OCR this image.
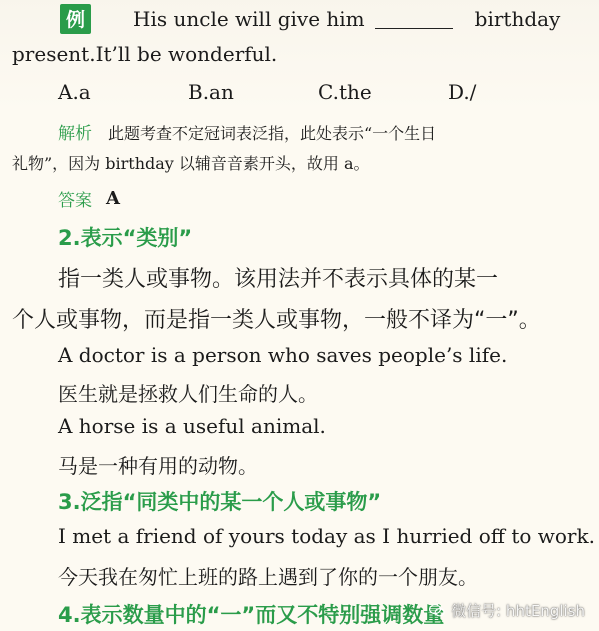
例	His uncle will give him	birthday
present.It’ll be wonderful.
A.a	B.an	C.the	D./
解析 此题考查不定冠词表泛指，此处表示“一个生日
礼物”，因为 birthday 以辅音音素开头，故用 a。
答案 A
2.表示“类别”
指一类人或事物。该用法并不表示具体的某一
个人或事物，而是指一类人或事物，一般不译为“一”。
A doctor is a person who saves people’s life.
医生就是拯救人们生命的人。
A horse is a useful animal.
马是一种有用的动物。
3.泛指“同类中的某一个人或事物”
I met a friend of yours today as I hurried off to work.
今天我在匆忙上班的路上遇到了你的一个朋友。
4.表示数量中的“一”而又不特别强调数量 微信号: hhtEnglish
